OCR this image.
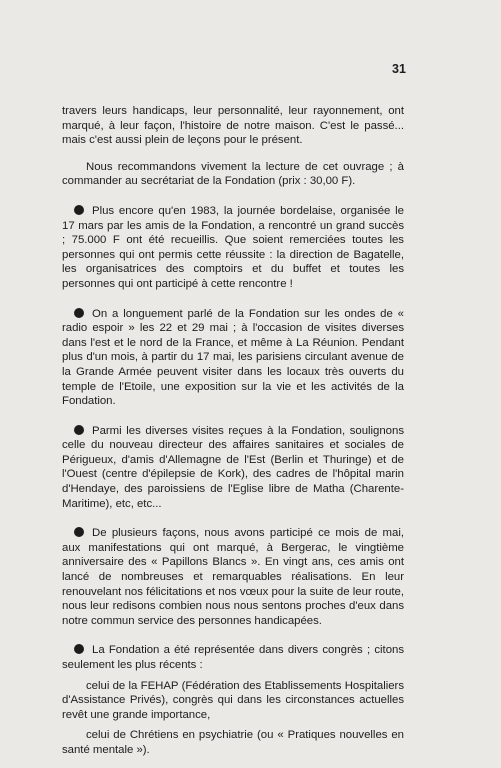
31

travers leurs handicaps, leur personnalité, leur rayonnement, ont marqué, à leur façon, l'histoire de notre maison. C'est le passé... mais c'est aussi plein de leçons pour le présent.

Nous recommandons vivement la lecture de cet ouvrage ; à commander au secrétariat de la Fondation (prix : 30,00 F).

Plus encore qu'en 1983, la journée bordelaise, organisée le 17 mars par les amis de la Fondation, a rencontré un grand succès ; 75.000 F ont été recueillis. Que soient remerciées toutes les personnes qui ont permis cette réussite : la direction de Bagatelle, les organisatrices des comptoirs et du buffet et toutes les personnes qui ont participé à cette rencontre !

On a longuement parlé de la Fondation sur les ondes de « radio espoir » les 22 et 29 mai ; à l'occasion de visites diverses dans l'est et le nord de la France, et même à La Réunion. Pendant plus d'un mois, à partir du 17 mai, les parisiens circulant avenue de la Grande Armée peuvent visiter dans les locaux très ouverts du temple de l'Etoile, une exposition sur la vie et les activités de la Fondation.

Parmi les diverses visites reçues à la Fondation, soulignons celle du nouveau directeur des affaires sanitaires et sociales de Périgueux, d'amis d'Allemagne de l'Est (Berlin et Thuringe) et de l'Ouest (centre d'épilepsie de Kork), des cadres de l'hôpital marin d'Hendaye, des paroissiens de l'Eglise libre de Matha (Charente-Maritime), etc, etc...

De plusieurs façons, nous avons participé ce mois de mai, aux manifestations qui ont marqué, à Bergerac, le vingtième anniversaire des « Papillons Blancs ». En vingt ans, ces amis ont lancé de nombreuses et remarquables réalisations. En leur renouvelant nos félicitations et nos vœux pour la suite de leur route, nous leur redisons combien nous nous sentons proches d'eux dans notre commun service des personnes handicapées.

La Fondation a été représentée dans divers congrès ; citons seulement les plus récents :

celui de la FEHAP (Fédération des Etablissements Hospitaliers d'Assistance Privés), congrès qui dans les circonstances actuelles revêt une grande importance,

celui de Chrétiens en psychiatrie (ou « Pratiques nouvelles en santé mentale »).
